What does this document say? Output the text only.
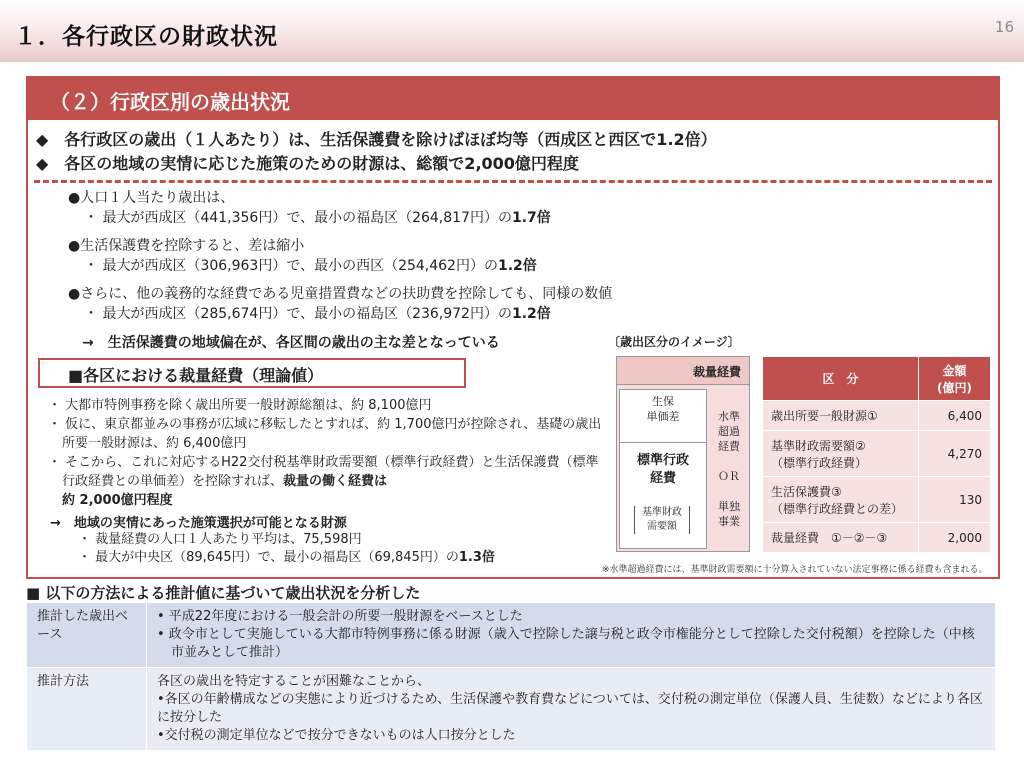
１．各行政区の財政状況	16
（２）行政区別の歳出状況
◆　各行政区の歳出（１人あたり）は、生活保護費を除けばほぼ均等（西成区と西区で1.2倍）
◆　各区の地域の実情に応じた施策のための財源は、総額で2,000億円程度
●人口１人当たり歳出は、
・ 最大が西成区（441,356円）で、最小の福島区（264,817円）の1.7倍
●生活保護費を控除すると、差は縮小
・ 最大が西成区（306,963円）で、最小の西区（254,462円）の1.2倍
●さらに、他の義務的な経費である児童措置費などの扶助費を控除しても、同様の数値
・ 最大が西成区（285,674円）で、最小の福島区（236,972円）の1.2倍
→　生活保護費の地域偏在が、各区間の歳出の主な差となっている
■各区における裁量経費（理論値）
・ 大都市特例事務を除く歳出所要一般財源総額は、約 8,100億円
・ 仮に、東京都並みの事務が広域に移転したとすれば、約 1,700億円が控除され、基礎の歳出所要一般財源は、約 6,400億円
・ そこから、これに対応するH22交付税基準財政需要額（標準行政経費）と生活保護費（標準行政経費との単価差）を控除すれば、裁量の働く経費は
約 2,000億円程度
→　地域の実情にあった施策選択が可能となる財源
・ 裁量経費の人口１人あたり平均は、75,598円
・ 最大が中央区（89,645円）で、最小の福島区（69,845円）の1.3倍
〔歳出区分のイメージ〕
裁量経費
生保
単価差
標準行政
経費
基準財政
需要額
水準
超過
経費

ＯＲ

単独
事業
区　分	金額
(億円)
歳出所要一般財源①	6,400
基準財政需要額②
（標準行政経費）	4,270
生活保護費③
（標準行政経費との差）	130
裁量経費　①－②－③	2,000
※水準超過経費には、基準財政需要額に十分算入されていない法定事務に係る経費も含まれる。
■ 以下の方法による推計値に基づいて歳出状況を分析した
推計した歳出ベース	• 平成22年度における一般会計の所要一般財源をベースとした
• 政令市として実施している大都市特例事務に係る財源（歳入で控除した譲与税と政令市権能分として控除した交付税額）を控除した（中核市並みとして推計）

推計方法	各区の歳出を特定することが困難なことから、
•各区の年齢構成などの実態により近づけるため、生活保護や教育費などについては、交付税の測定単位（保護人員、生徒数）などにより各区に按分した
•交付税の測定単位などで按分できないものは人口按分とした
